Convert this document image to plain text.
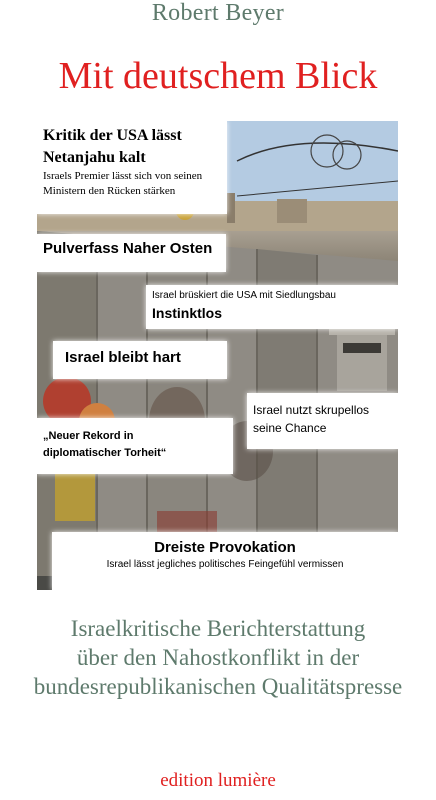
Robert Beyer
Mit deutschem Blick
Kritik der USA lässt
Netanjahu kalt
Israels Premier lässt sich von seinen
Ministern den Rücken stärken
Pulverfass Naher Osten
Israel brüskiert die USA mit Siedlungsbau
Instinktlos
Israel bleibt hart
Israel nutzt skrupellos
seine Chance
„Neuer Rekord in
diplomatischer Torheit“
Dreiste Provokation
Israel lässt jegliches politisches Feingefühl vermissen
Israelkritische Berichterstattung
über den Nahostkonflikt in der
bundesrepublikanischen Qualitätspresse
edition lumière
